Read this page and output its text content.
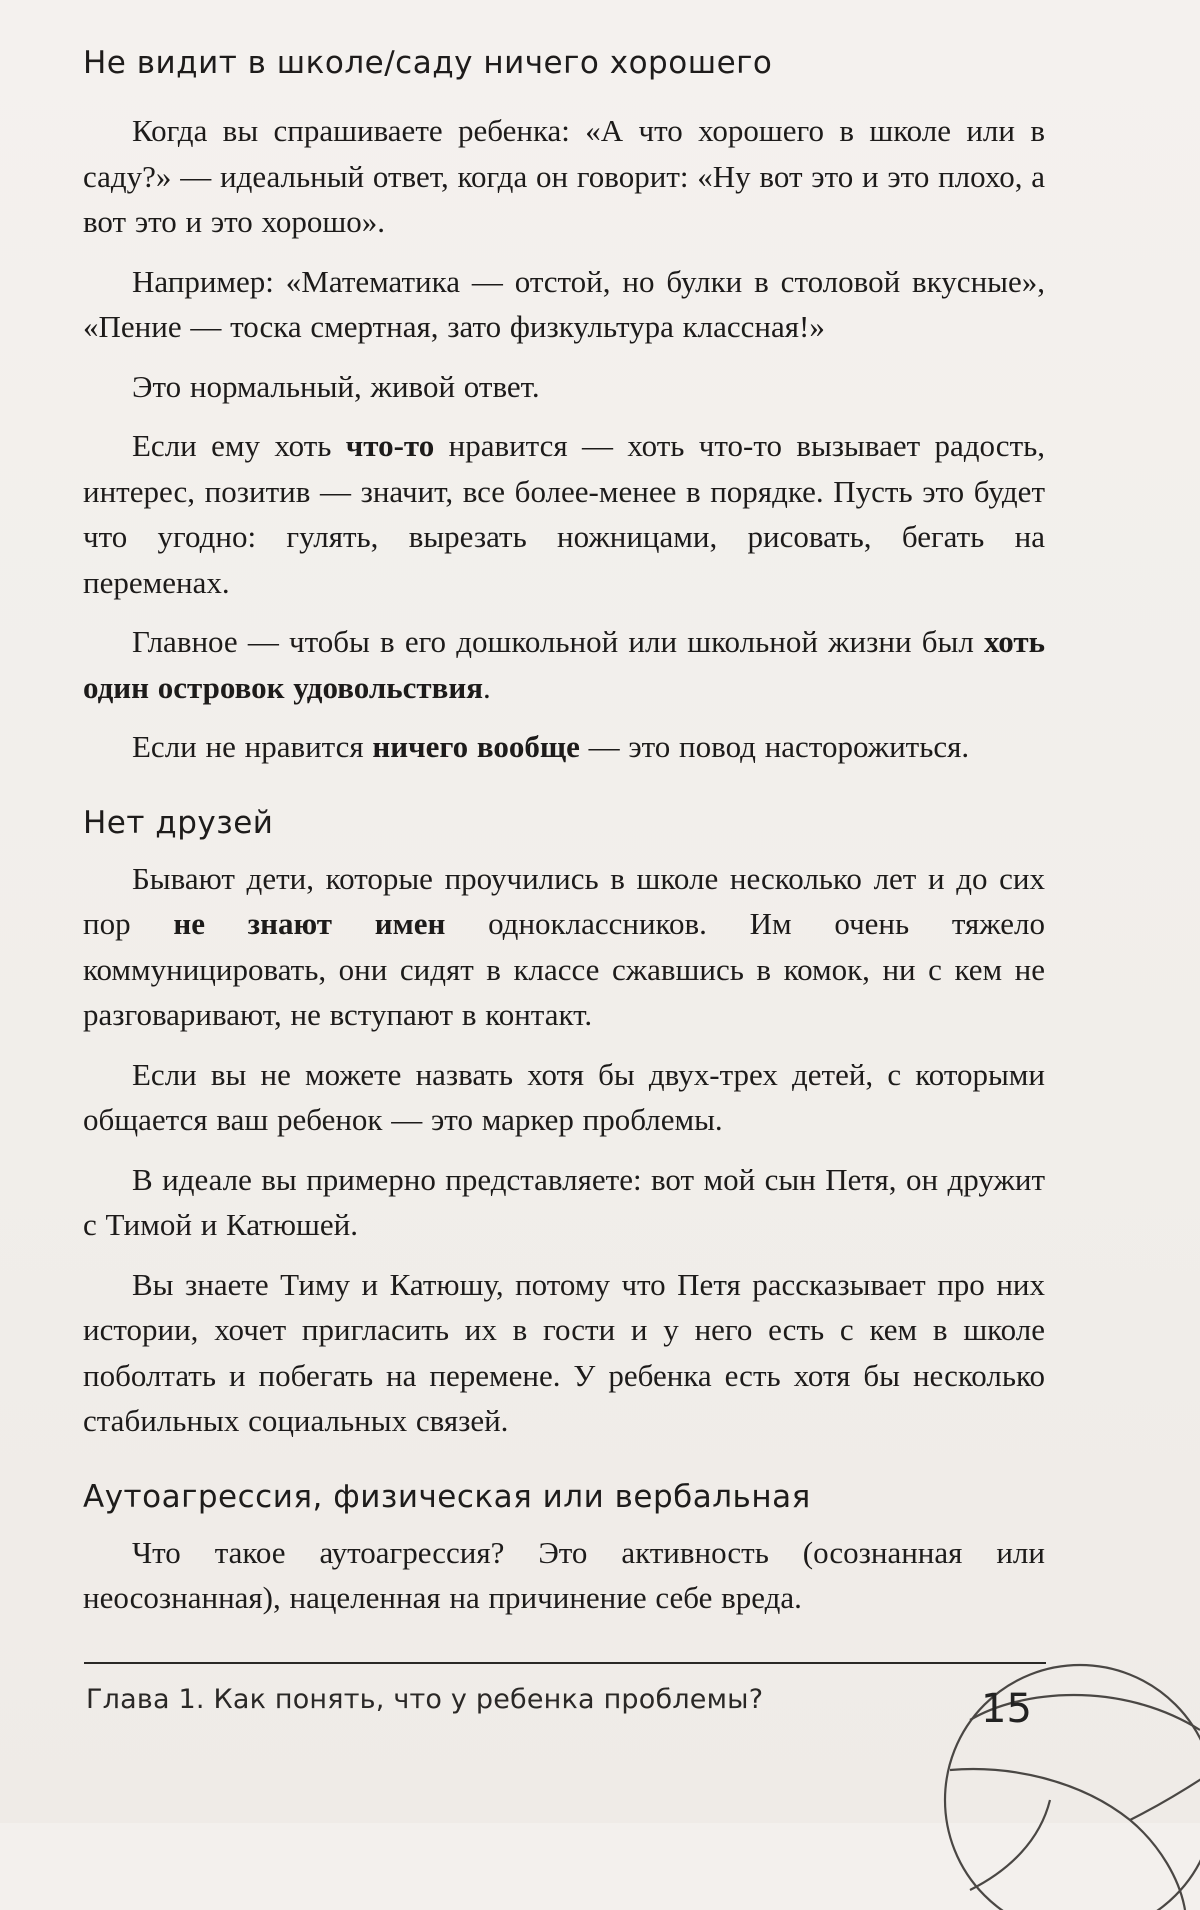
Не видит в школе/саду ничего хорошего

Когда вы спрашиваете ребенка: «А что хорошего в школе или в саду?» — идеальный ответ, когда он говорит: «Ну вот это и это плохо, а вот это и это хорошо».

Например: «Математика — отстой, но булки в столовой вкусные», «Пение — тоска смертная, зато физкультура классная!»

Это нормальный, живой ответ.

Если ему хоть что-то нравится — хоть что-то вызывает радость, интерес, позитив — значит, все более-менее в порядке. Пусть это будет что угодно: гулять, вырезать ножницами, рисовать, бегать на переменах.

Главное — чтобы в его дошкольной или школьной жизни был хоть один островок удовольствия.

Если не нравится ничего вообще — это повод насторожиться.

Нет друзей

Бывают дети, которые проучились в школе несколько лет и до сих пор не знают имен одноклассников. Им очень тяжело коммуницировать, они сидят в классе сжавшись в комок, ни с кем не разговаривают, не вступают в контакт.

Если вы не можете назвать хотя бы двух-трех детей, с которыми общается ваш ребенок — это маркер проблемы.

В идеале вы примерно представляете: вот мой сын Петя, он дружит с Тимой и Катюшей.

Вы знаете Тиму и Катюшу, потому что Петя рассказывает про них истории, хочет пригласить их в гости и у него есть с кем в школе поболтать и побегать на перемене. У ребенка есть хотя бы несколько стабильных социальных связей.

Аутоагрессия, физическая или вербальная

Что такое аутоагрессия? Это активность (осознанная или неосознанная), нацеленная на причинение себе вреда.

Глава 1. Как понять, что у ребенка проблемы?	15
